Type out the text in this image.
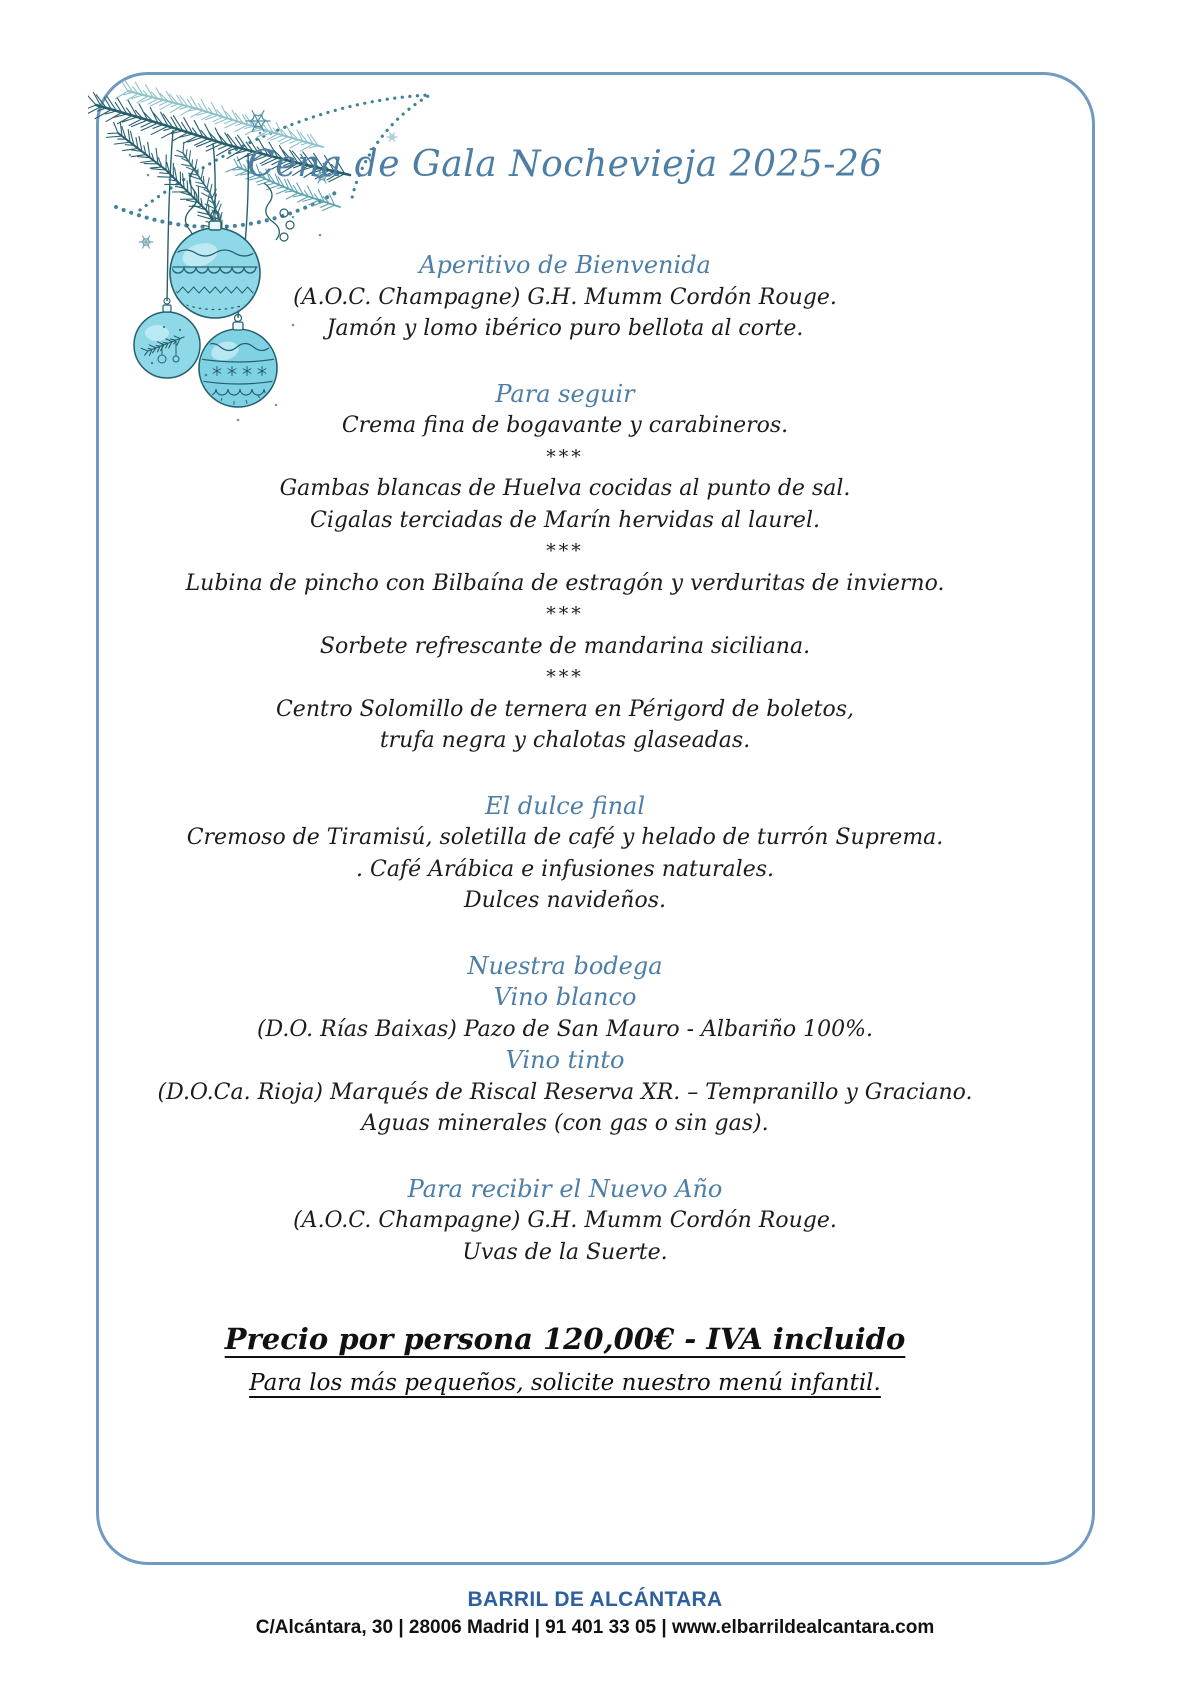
Cena de Gala Nochevieja 2025-26
Aperitivo de Bienvenida
(A.O.C. Champagne) G.H. Mumm Cordón Rouge.
Jamón y lomo ibérico puro bellota al corte.
Para seguir
Crema fina de bogavante y carabineros.
***
Gambas blancas de Huelva cocidas al punto de sal.
Cigalas terciadas de Marín hervidas al laurel.
***
Lubina de pincho con Bilbaína de estragón y verduritas de invierno.
***
Sorbete refrescante de mandarina siciliana.
***
Centro Solomillo de ternera en Périgord de boletos,
trufa negra y chalotas glaseadas.
El dulce final
Cremoso de Tiramisú, soletilla de café y helado de turrón Suprema.
. Café Arábica e infusiones naturales.
Dulces navideños.
Nuestra bodega
Vino blanco
(D.O. Rías Baixas) Pazo de San Mauro - Albariño 100%.
Vino tinto
(D.O.Ca. Rioja) Marqués de Riscal Reserva XR. – Tempranillo y Graciano.
Aguas minerales (con gas o sin gas).
Para recibir el Nuevo Año
(A.O.C. Champagne) G.H. Mumm Cordón Rouge.
Uvas de la Suerte.
Precio por persona 120,00€ - IVA incluido
Para los más pequeños, solicite nuestro menú infantil.
BARRIL DE ALCÁNTARA
C/Alcántara, 30 | 28006 Madrid | 91 401 33 05 | www.elbarrildealcantara.com
